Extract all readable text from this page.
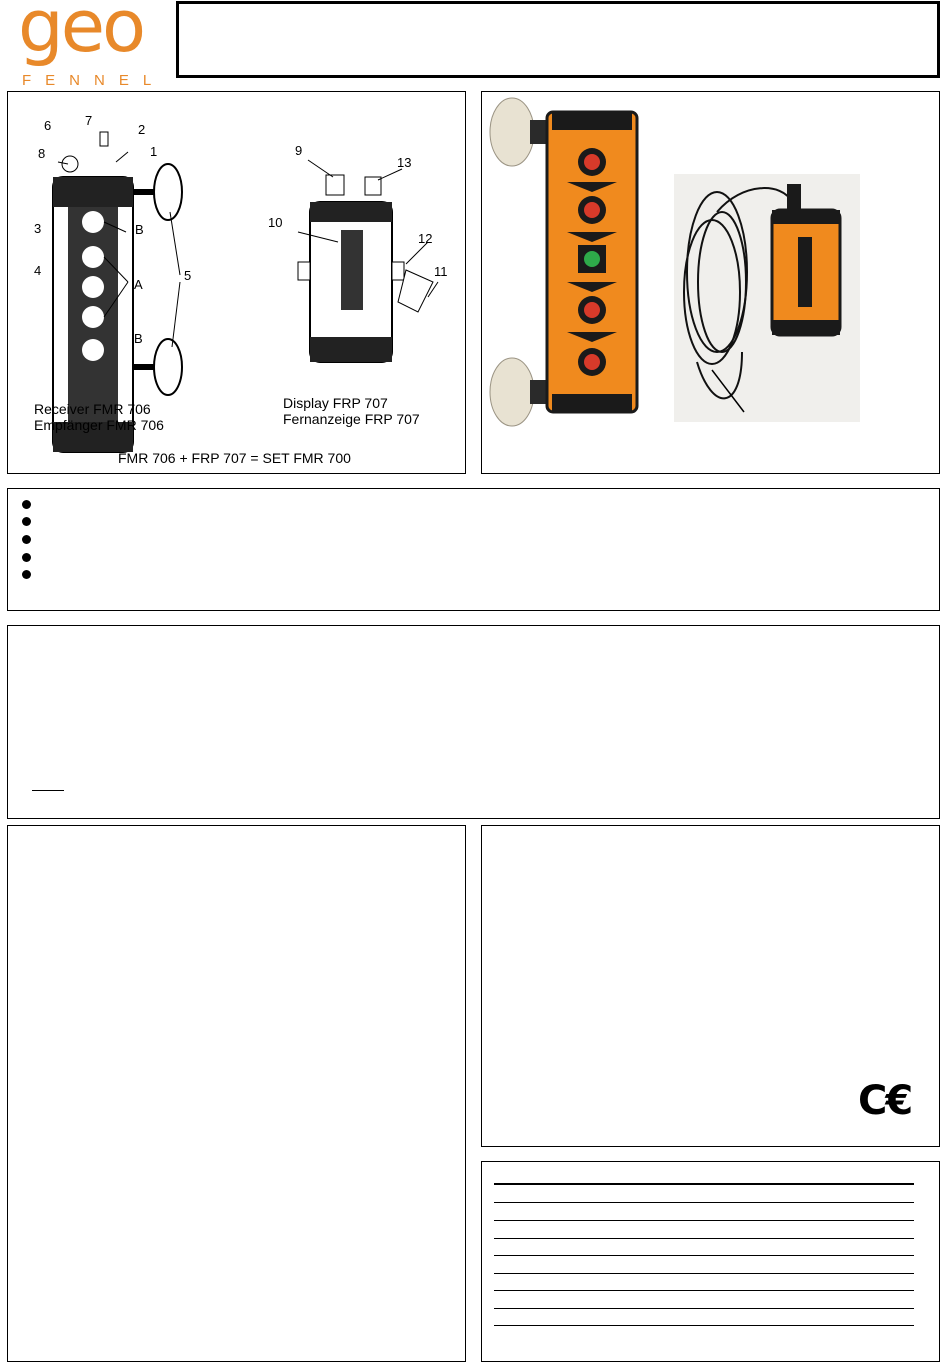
geo
FENNEL
7
6	2
8	1
3	B
4
A
5
B
9
13
10
12
11
Receiver FMR 706
Empfänger FMR 706
Display FRP 707
Fernanzeige FRP 707
FMR 706 + FRP 707 = SET FMR 700
C€
